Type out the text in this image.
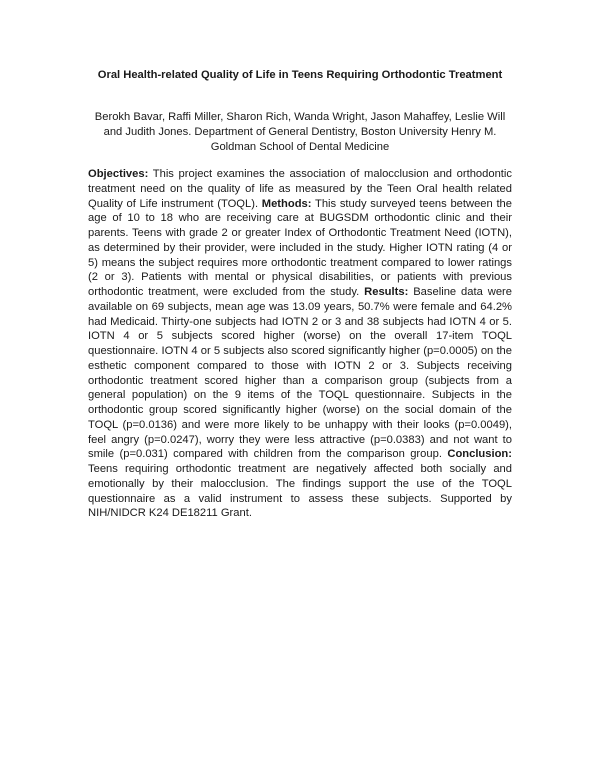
Oral Health-related Quality of Life in Teens Requiring Orthodontic Treatment
Berokh Bavar, Raffi Miller, Sharon Rich, Wanda Wright, Jason Mahaffey, Leslie Will and Judith Jones. Department of General Dentistry, Boston University Henry M. Goldman School of Dental Medicine
Objectives: This project examines the association of malocclusion and orthodontic treatment need on the quality of life as measured by the Teen Oral health related Quality of Life instrument (TOQL). Methods: This study surveyed teens between the age of 10 to 18 who are receiving care at BUGSDM orthodontic clinic and their parents. Teens with grade 2 or greater Index of Orthodontic Treatment Need (IOTN), as determined by their provider, were included in the study. Higher IOTN rating (4 or 5) means the subject requires more orthodontic treatment compared to lower ratings (2 or 3). Patients with mental or physical disabilities, or patients with previous orthodontic treatment, were excluded from the study. Results: Baseline data were available on 69 subjects, mean age was 13.09 years, 50.7% were female and 64.2% had Medicaid. Thirty-one subjects had IOTN 2 or 3 and 38 subjects had IOTN 4 or 5. IOTN 4 or 5 subjects scored higher (worse) on the overall 17-item TOQL questionnaire. IOTN 4 or 5 subjects also scored significantly higher (p=0.0005) on the esthetic component compared to those with IOTN 2 or 3. Subjects receiving orthodontic treatment scored higher than a comparison group (subjects from a general population) on the 9 items of the TOQL questionnaire. Subjects in the orthodontic group scored significantly higher (worse) on the social domain of the TOQL (p=0.0136) and were more likely to be unhappy with their looks (p=0.0049), feel angry (p=0.0247), worry they were less attractive (p=0.0383) and not want to smile (p=0.031) compared with children from the comparison group. Conclusion: Teens requiring orthodontic treatment are negatively affected both socially and emotionally by their malocclusion. The findings support the use of the TOQL questionnaire as a valid instrument to assess these subjects. Supported by NIH/NIDCR K24 DE18211 Grant.
